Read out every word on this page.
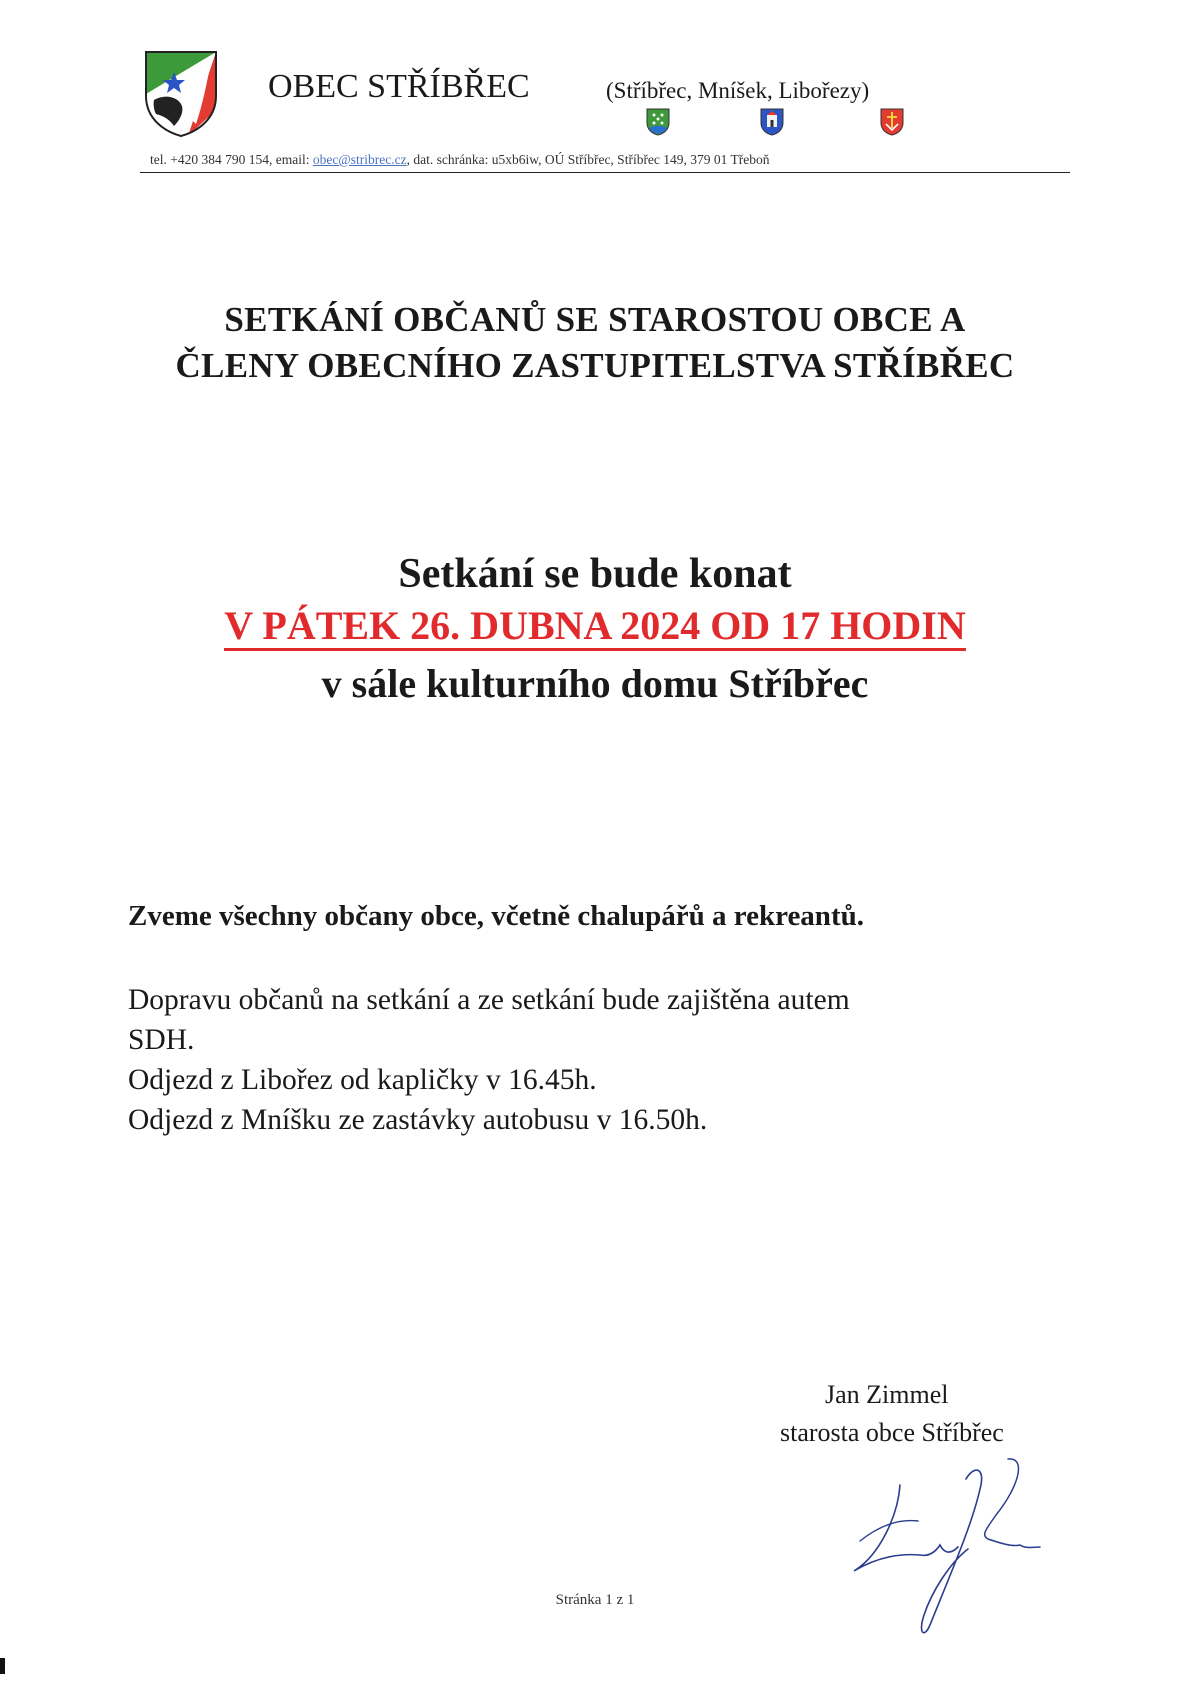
OBEC STŘÍBŘEC	(Stříbřec, Mníšek, Libořezy)
tel. +420 384 790 154, email: obec@stribrec.cz, dat. schránka: u5xb6iw, OÚ Stříbřec, Stříbřec 149, 379 01 Třeboň
SETKÁNÍ OBČANŮ SE STAROSTOU OBCE A
ČLENY OBECNÍHO ZASTUPITELSTVA STŘÍBŘEC
Setkání se bude konat
V PÁTEK 26. DUBNA 2024 OD 17 HODIN
v sále kulturního domu Stříbřec
Zveme všechny občany obce, včetně chalupářů a rekreantů.
Dopravu občanů na setkání a ze setkání bude zajištěna autem
SDH.
Odjezd z Libořez od kapličky v 16.45h.
Odjezd z Mníšku ze zastávky autobusu v 16.50h.
Jan Zimmel
starosta obce Stříbřec
Stránka 1 z 1
